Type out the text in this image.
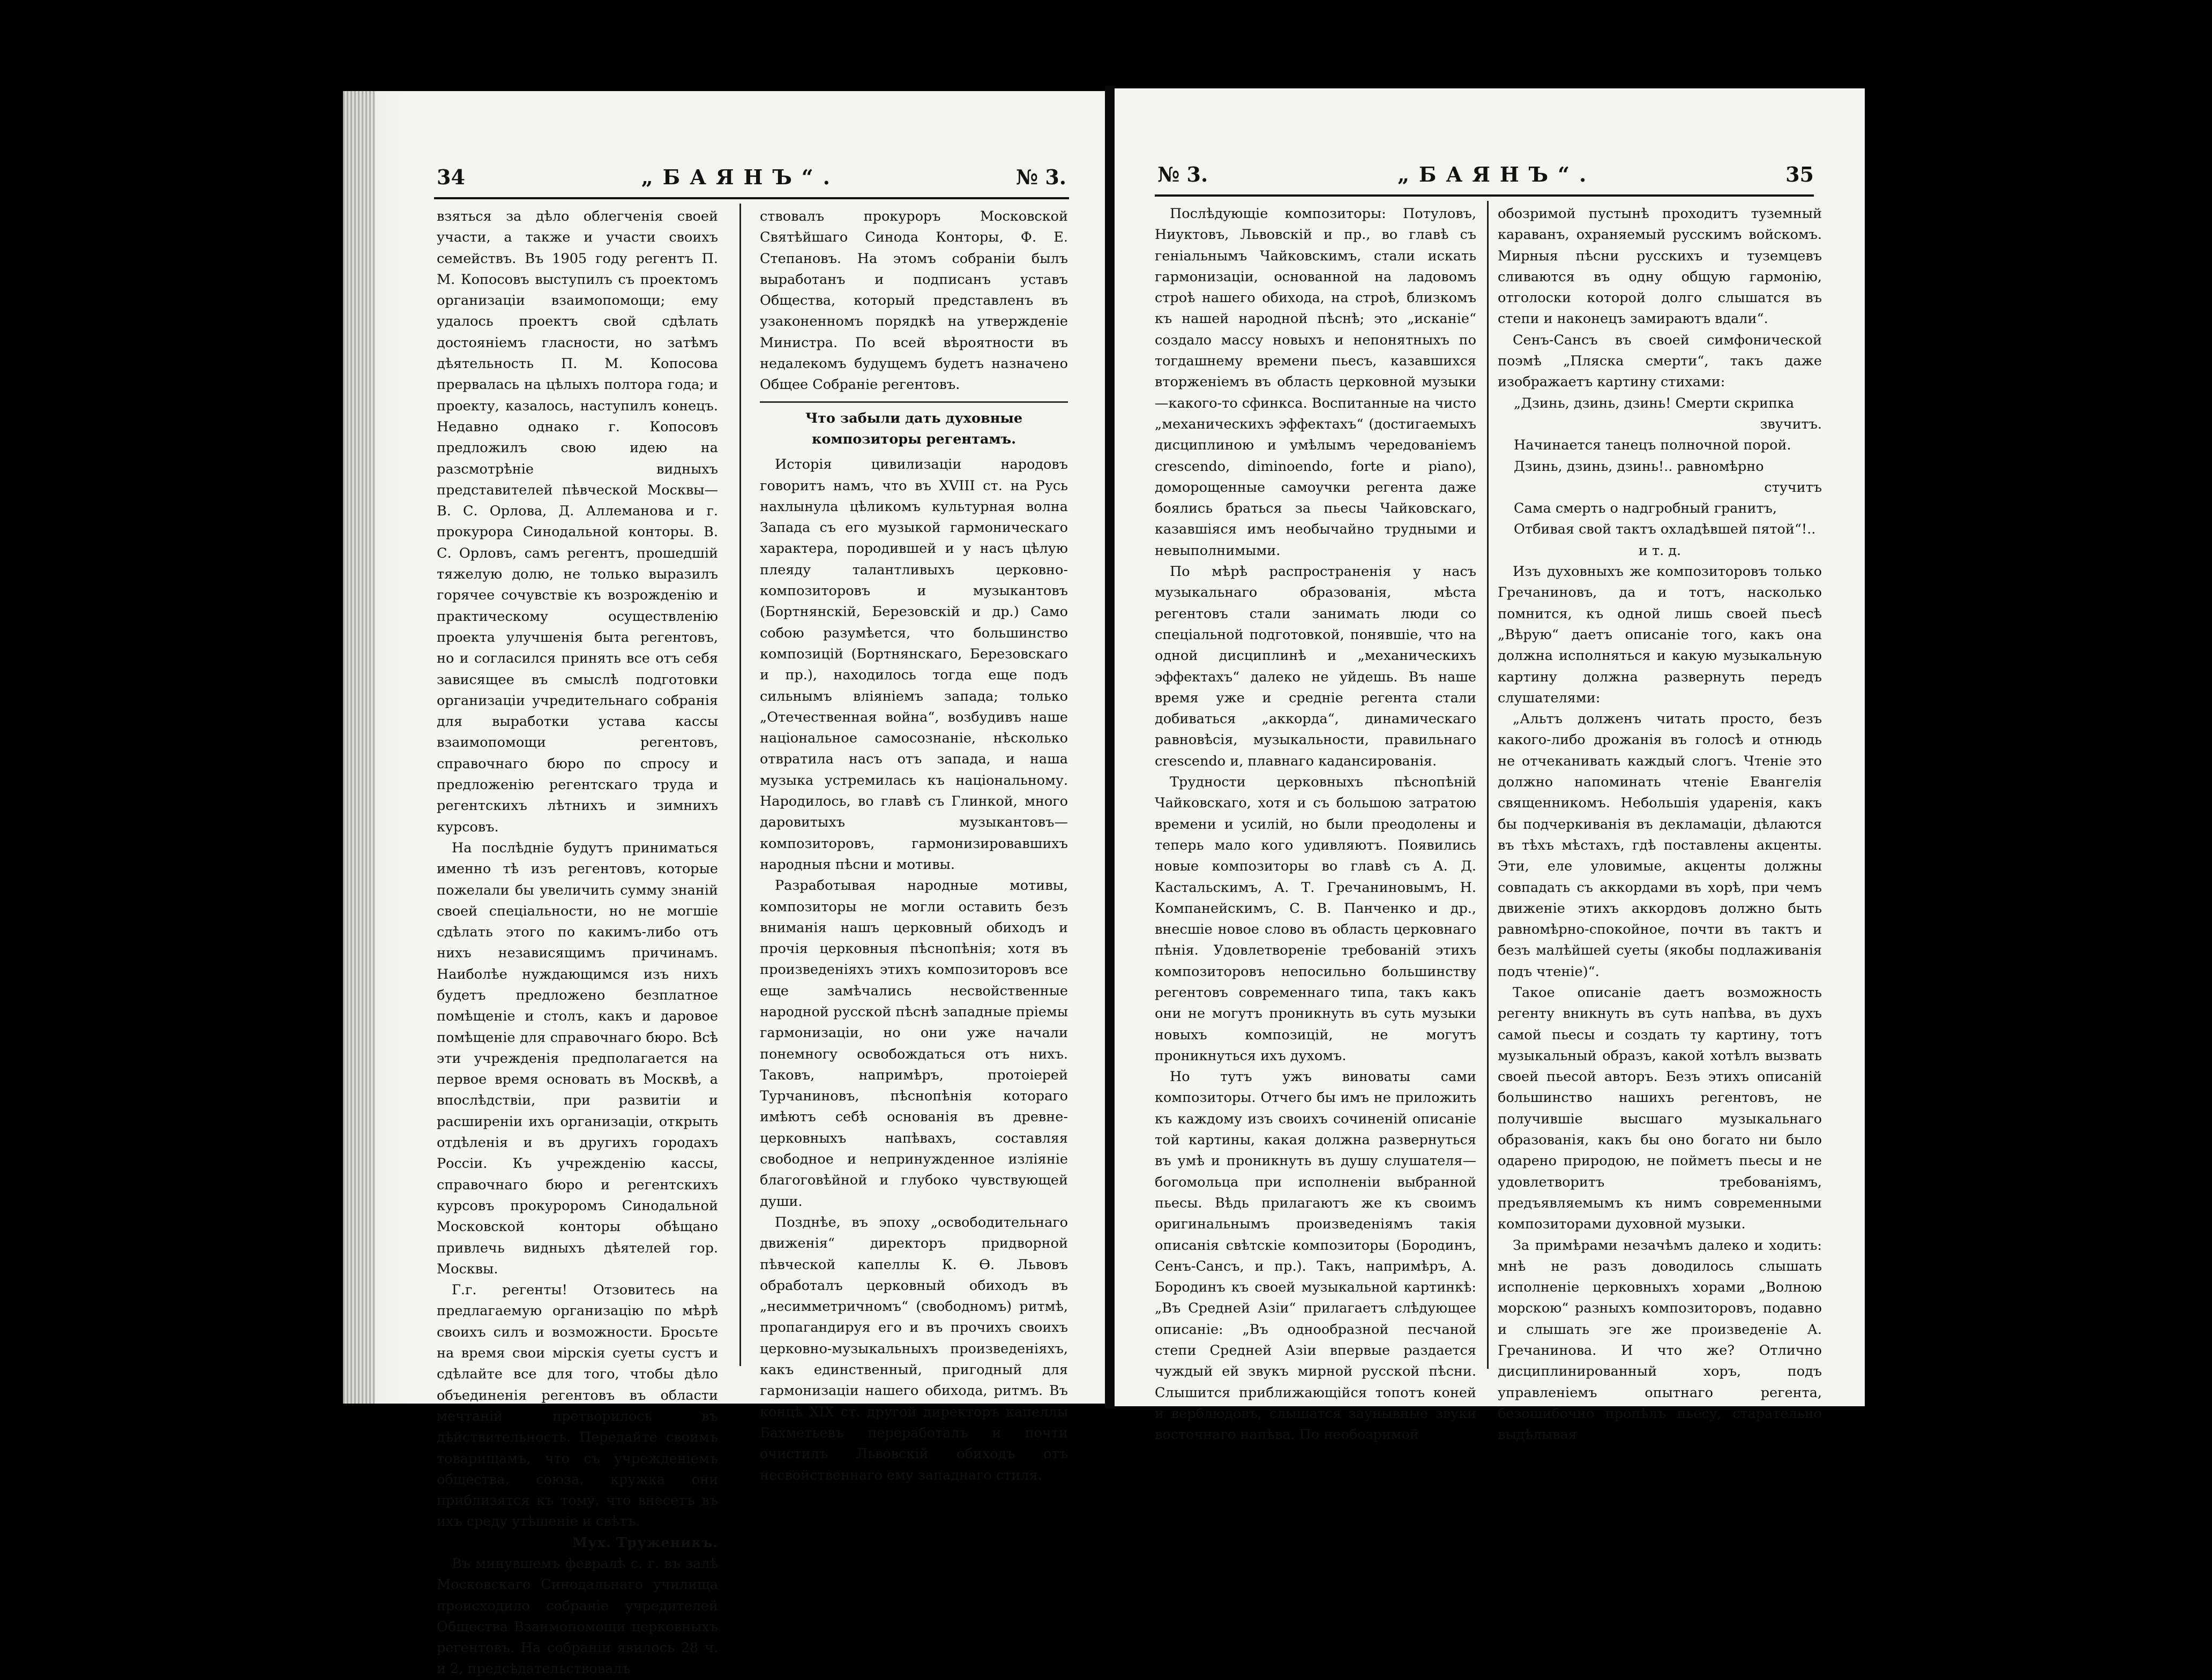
34	„БАЯНЪ“.	№ 3.

взяться за дѣло облегченія своей участи, а также и участи своихъ семействъ. Въ 1905 году регентъ П. М. Копосовъ выступилъ съ проектомъ организаціи взаимопомощи; ему удалось проектъ свой сдѣлать достояніемъ гласности, но затѣмъ дѣятельность П. М. Копосова прервалась на цѣлыхъ полтора года; и проекту, казалось, наступилъ конецъ. Недавно однако г. Копосовъ предложилъ свою идею на разсмотрѣніе видныхъ представителей пѣвческой Москвы—В. С. Орлова, Д. Аллеманова и г. прокурора Синодальной конторы. В. С. Орловъ, самъ регентъ, прошедшій тяжелую долю, не только выразилъ горячее сочувствіе къ возрожденію и практическому осуществленію проекта улучшенія быта регентовъ, но и согласился принять все отъ себя зависящее въ смыслѣ подготовки организаціи учредительнаго собранія для выработки устава кассы взаимопомощи регентовъ, справочнаго бюро по спросу и предложенію регентскаго труда и регентскихъ лѣтнихъ и зимнихъ курсовъ.

На послѣдніе будутъ приниматься именно тѣ изъ регентовъ, которые пожелали бы увеличить сумму знаній своей спеціальности, но не могшіе сдѣлать этого по какимъ-либо отъ нихъ независящимъ причинамъ. Наиболѣе нуждающимся изъ нихъ будетъ предложено безплатное помѣщеніе и столъ, какъ и даровое помѣщеніе для справочнаго бюро. Всѣ эти учрежденія предполагается на первое время основать въ Москвѣ, а впослѣдствіи, при развитіи и расширеніи ихъ организаціи, открыть отдѣленія и въ другихъ городахъ Россіи. Къ учрежденію кассы, справочнаго бюро и регентскихъ курсовъ прокуроромъ Синодальной Московской конторы обѣщано привлечь видныхъ дѣятелей гор. Москвы.

Г.г. регенты! Отзовитесь на предлагаемую организацію по мѣрѣ своихъ силъ и возможности. Бросьте на время свои мірскія суеты сустъ и сдѣлайте все для того, чтобы дѣло объединенія регентовъ въ области мечтаній претворилось въ дѣйствительность. Передайте своимъ товарищамъ, что съ учрежденіемъ общества, союза, кружка они приблизятся къ тому, что внесетъ въ ихъ среду утѣшеніе и свѣтъ.

Мух. Труженикъ.

Въ минувшемъ февралѣ с. г. въ залѣ Московскаго Синодальнаго училища происходило собраніе учредителей Общества Взаимопомощи церковныхъ регентовъ. На собраніи явилось 28 ч. и 2, предсѣдательствовалъ

ствовалъ прокуроръ Московской Святѣйшаго Синода Конторы, Ф. Е. Степановъ. На этомъ собраніи былъ выработанъ и подписанъ уставъ Общества, который представленъ въ узаконенномъ порядкѣ на утвержденіе Министра. По всей вѣроятности въ недалекомъ будущемъ будетъ назначено Общее Собраніе регентовъ.

Что забыли дать духовные композиторы регентамъ.

Исторія цивилизаціи народовъ говоритъ намъ, что въ XVIII ст. на Русь нахлынула цѣликомъ культурная волна Запада съ его музыкой гармоническаго характера, породившей и у насъ цѣлую плеяду талантливыхъ церковно-композиторовъ и музыкантовъ (Бортнянскій, Березовскій и др.) Само собою разумѣется, что большинство композицій (Бортнянскаго, Березовскаго и пр.), находилось тогда еще подъ сильнымъ вліяніемъ запада; только „Отечественная война“, возбудивъ наше національное самосознаніе, нѣсколько отвратила насъ отъ запада, и наша музыка устремилась къ національному. Народилось, во главѣ съ Глинкой, много даровитыхъ музыкантовъ—композиторовъ, гармонизировавшихъ народныя пѣсни и мотивы.

Разработывая народные мотивы, композиторы не могли оставить безъ вниманія нашъ церковный обиходъ и прочія церковныя пѣснопѣнія; хотя въ произведеніяхъ этихъ композиторовъ все еще замѣчались несвойственные народной русской пѣснѣ западные пріемы гармонизаціи, но они уже начали понемногу освобождаться отъ нихъ. Таковъ, напримѣръ, протоіерей Турчаниновъ, пѣснопѣнія котораго имѣютъ себѣ основанія въ древне-церковныхъ напѣвахъ, составляя свободное и непринужденное изліяніе благоговѣйной и глубоко чувствующей души.

Позднѣе, въ эпоху „освободительнаго движенія“ директоръ придворной пѣвческой капеллы К. Ѳ. Львовъ обработалъ церковный обиходъ въ „несимметричномъ“ (свободномъ) ритмѣ, пропагандируя его и въ прочихъ своихъ церковно-музыкальныхъ произведеніяхъ, какъ единственный, пригодный для гармонизаціи нашего обихода, ритмъ. Въ концѣ XIX ст. другой директоръ капеллы Бахметьевъ переработалъ и почти очистилъ Львовскій обиходъ отъ несвойственнаго ему западнаго стиля.

№ 3.	„БАЯНЪ“.	35

Послѣдующіе композиторы: Потуловъ, Ниуктовъ, Львовскій и пр., во главѣ съ геніальнымъ Чайковскимъ, стали искать гармонизаціи, основанной на ладовомъ строѣ нашего обихода, на строѣ, близкомъ къ нашей народной пѣснѣ; это „исканіе“ создало массу новыхъ и непонятныхъ по тогдашнему времени пьесъ, казавшихся вторженіемъ въ область церковной музыки—какого-то сфинкса. Воспитанные на чисто „механическихъ эффектахъ“ (достигаемыхъ дисциплиною и умѣлымъ чередованіемъ crescendo, diminoendo, forte и piano), доморощенные самоучки регента даже боялись браться за пьесы Чайковскаго, казавшіяся имъ необычайно трудными и невыполнимыми.

По мѣрѣ распространенія у насъ музыкальнаго образованія, мѣста регентовъ стали занимать люди со спеціальной подготовкой, понявшіе, что на одной дисциплинѣ и „механическихъ эффектахъ“ далеко не уйдешь. Въ наше время уже и средніе регента стали добиваться „аккорда“, динамическаго равновѣсія, музыкальности, правильнаго crescendo и, плавнаго кадансированія.

Трудности церковныхъ пѣснопѣній Чайковскаго, хотя и съ большою затратою времени и усилій, но были преодолены и теперь мало кого удивляютъ. Появились новые композиторы во главѣ съ А. Д. Кастальскимъ, А. Т. Гречаниновымъ, Н. Компанейскимъ, С. В. Панченко и др., внесшіе новое слово въ область церковнаго пѣнія. Удовлетвореніе требованій этихъ композиторовъ непосильно большинству регентовъ современнаго типа, такъ какъ они не могутъ проникнуть въ суть музыки новыхъ композицій, не могутъ проникнуться ихъ духомъ.

Но тутъ ужъ виноваты сами композиторы. Отчего бы имъ не приложить къ каждому изъ своихъ сочиненій описаніе той картины, какая должна развернуться въ умѣ и проникнуть въ душу слушателя—богомольца при исполненіи выбранной пьесы. Вѣдь прилагаютъ же къ своимъ оригинальнымъ произведеніямъ такія описанія свѣтскіе композиторы (Бородинъ, Сенъ-Сансъ, и пр.). Такъ, напримѣръ, А. Бородинъ къ своей музыкальной картинкѣ: „Въ Средней Азіи“ прилагаетъ слѣдующее описаніе: „Въ однообразной песчаной степи Средней Азіи впервые раздается чуждый ей звукъ мирной русской пѣсни. Слышится приближающійся топотъ коней и верблюдовъ, слышатся заунывные звуки восточнаго напѣва. По необозримой

обозримой пустынѣ проходитъ туземный караванъ, охраняемый русскимъ войскомъ. Мирныя пѣсни русскихъ и туземцевъ сливаются въ одну общую гармонію, отголоски которой долго слышатся въ степи и наконецъ замираютъ вдали“.

Сенъ-Сансъ въ своей симфонической поэмѣ „Пляска смерти“, такъ даже изображаетъ картину стихами:

„Дзинь, дзинь, дзинь! Смерти скрипка

звучитъ.

Начинается танецъ полночной порой.

Дзинь, дзинь, дзинь!.. равномѣрно

стучитъ

Сама смерть о надгробный гранитъ,

Отбивая свой тактъ охладѣвшей пятой“!..

и т. д.

Изъ духовныхъ же композиторовъ только Гречаниновъ, да и тотъ, насколько помнится, къ одной лишь своей пьесѣ „Вѣрую“ даетъ описаніе того, какъ она должна исполняться и какую музыкальную картину должна развернуть передъ слушателями:

„Альтъ долженъ читать просто, безъ какого-либо дрожанія въ голосѣ и отнюдь не отчеканивать каждый слогъ. Чтеніе это должно напоминать чтеніе Евангелія священникомъ. Небольшія ударенія, какъ бы подчеркиванія въ декламаціи, дѣлаются въ тѣхъ мѣстахъ, гдѣ поставлены акценты. Эти, еле уловимые, акценты должны совпадать съ аккордами въ хорѣ, при чемъ движеніе этихъ аккордовъ должно быть равномѣрно-спокойное, почти въ тактъ и безъ малѣйшей суеты (якобы подлаживанія подъ чтеніе)“.

Такое описаніе даетъ возможность регенту вникнуть въ суть напѣва, въ духъ самой пьесы и создать ту картину, тотъ музыкальный образъ, какой хотѣлъ вызвать своей пьесой авторъ. Безъ этихъ описаній большинство нашихъ регентовъ, не получившіе высшаго музыкальнаго образованія, какъ бы оно богато ни было одарено природою, не пойметъ пьесы и не удовлетворитъ требованіямъ, предъявляемымъ къ нимъ современными композиторами духовной музыки.

За примѣрами незачѣмъ далеко и ходить: мнѣ не разъ доводилось слышать исполненіе церковныхъ хорами „Волною морскою“ разныхъ композиторовъ, подавно и слышать эге же произведеніе А. Гречанинова. И что же? Отлично дисциплинированный хоръ, подъ управленіемъ опытнаго регента, безошибочно пропѣлъ пьесу, старательно выдѣлывая
